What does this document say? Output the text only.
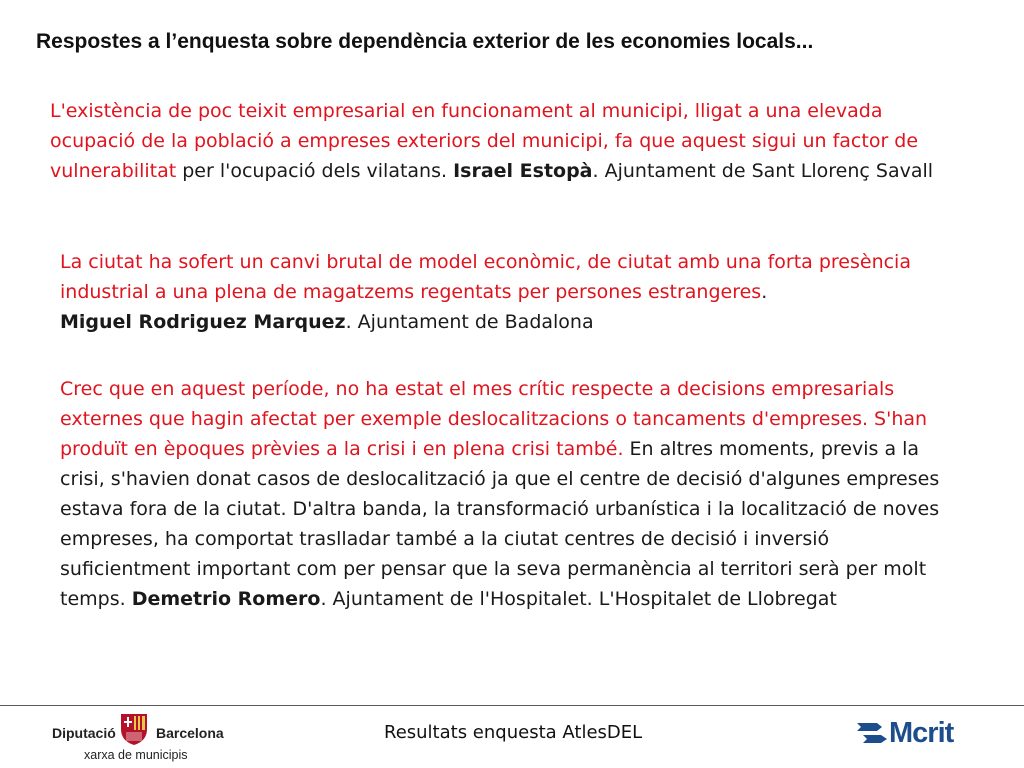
Respostes a l’enquesta sobre dependència exterior de les economies locals...
L'existència de poc teixit empresarial en funcionament al municipi, lligat a una elevada ocupació de la població a empreses exteriors del municipi, fa que aquest sigui un factor de vulnerabilitat per l'ocupació dels vilatans. Israel Estopà. Ajuntament de Sant Llorenç Savall
La ciutat ha sofert un canvi brutal de model econòmic, de ciutat amb una forta presència industrial a una plena de magatzems regentats per persones estrangeres.
Miguel Rodriguez Marquez. Ajuntament de Badalona
Crec que en aquest període, no ha estat el mes crític respecte a decisions empresarials externes que hagin afectat per exemple deslocalitzacions o tancaments d'empreses. S'han produït en èpoques prèvies a la crisi i en plena crisi també. En altres moments, previs a la crisi, s'havien donat casos de deslocalització ja que el centre de decisió d'algunes empreses estava fora de la ciutat. D'altra banda, la transformació urbanística i la localització de noves empreses, ha comportat traslladar també a la ciutat centres de decisió i inversió suficientment important com per pensar que la seva permanència al territori serà per molt temps. Demetrio Romero. Ajuntament de l'Hospitalet. L'Hospitalet de Llobregat
Diputació	Barcelona
xarxa de municipis
Resultats enquesta AtlesDEL	Mcrit
